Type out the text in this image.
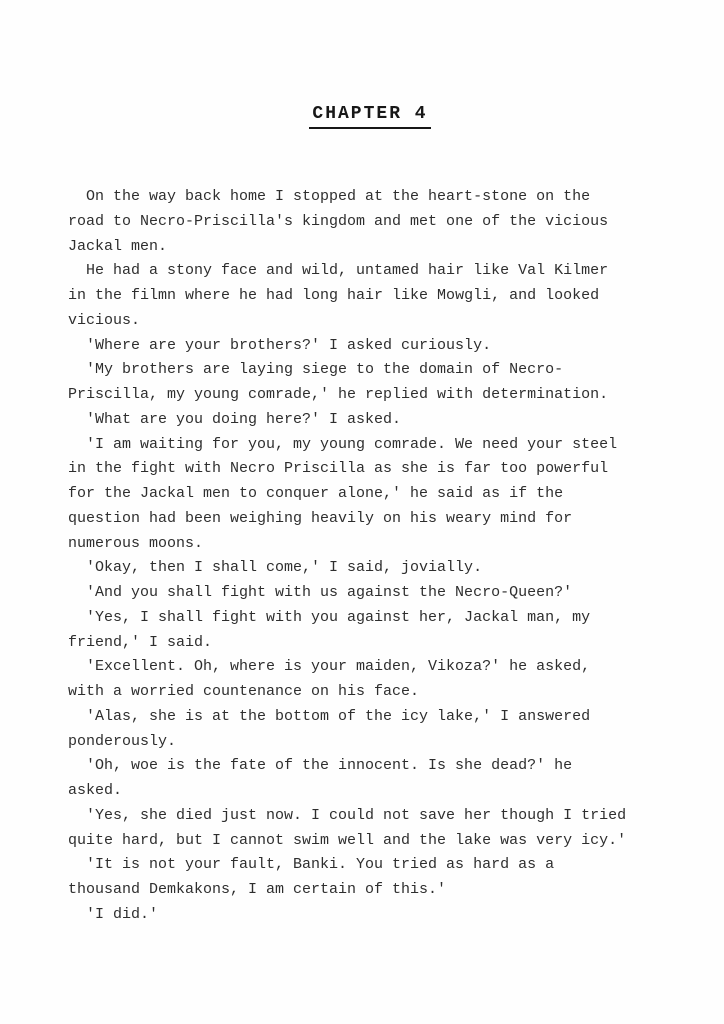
CHAPTER 4

On the way back home I stopped at the heart-stone on the road to Necro-Priscilla's kingdom and met one of the vicious Jackal men.

He had a stony face and wild, untamed hair like Val Kilmer in the filmn where he had long hair like Mowgli, and looked vicious.

'Where are your brothers?' I asked curiously.

'My brothers are laying siege to the domain of Necro-Priscilla, my young comrade,' he replied with determination.

'What are you doing here?' I asked.

'I am waiting for you, my young comrade. We need your steel in the fight with Necro Priscilla as she is far too powerful for the Jackal men to conquer alone,' he said as if the question had been weighing heavily on his weary mind for numerous moons.

'Okay, then I shall come,' I said, jovially.

'And you shall fight with us against the Necro-Queen?'

'Yes, I shall fight with you against her, Jackal man, my friend,' I said.

'Excellent. Oh, where is your maiden, Vikoza?' he asked, with a worried countenance on his face.

'Alas, she is at the bottom of the icy lake,' I answered ponderously.

'Oh, woe is the fate of the innocent. Is she dead?' he asked.

'Yes, she died just now. I could not save her though I tried quite hard, but I cannot swim well and the lake was very icy.'

'It is not your fault, Banki. You tried as hard as a thousand Demkakons, I am certain of this.'

'I did.'
